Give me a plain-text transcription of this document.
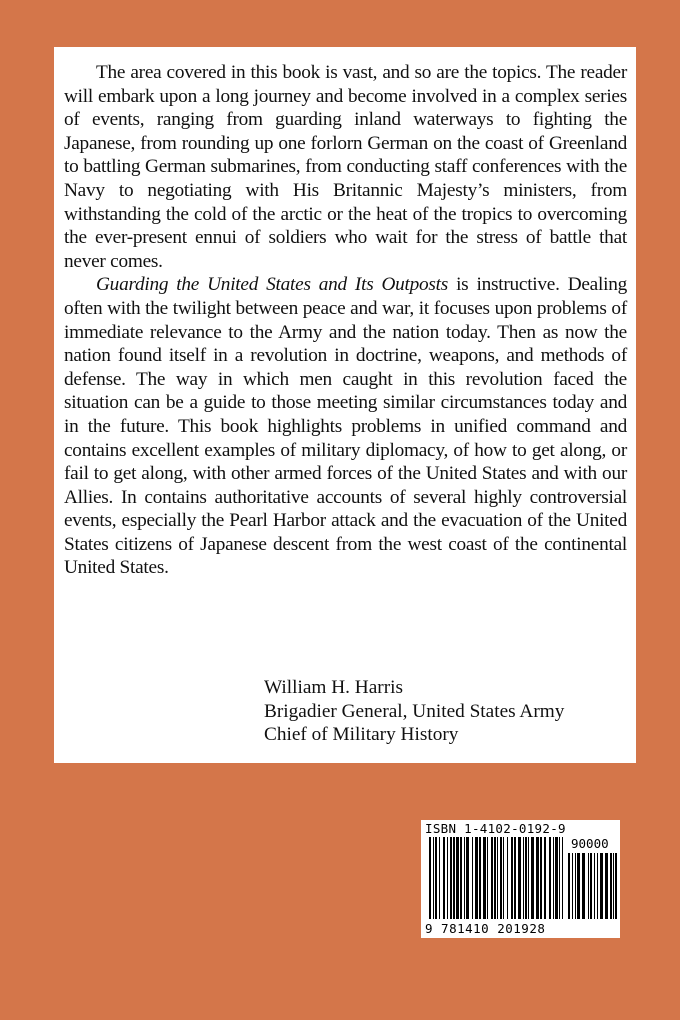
The area covered in this book is vast, and so are the topics. The reader will embark upon a long journey and become involved in a complex series of events, ranging from guarding inland waterways to fighting the Japanese, from rounding up one forlorn German on the coast of Greenland to battling German submarines, from conducting staff conferences with the Navy to negotiating with His Britannic Majesty’s ministers, from withstanding the cold of the arctic or the heat of the tropics to overcoming the ever-present ennui of soldiers who wait for the stress of battle that never comes.

Guarding the United States and Its Outposts is instructive. Dealing often with the twilight between peace and war, it focuses upon problems of immediate relevance to the Army and the nation today. Then as now the nation found itself in a revolution in doctrine, weapons, and methods of defense. The way in which men caught in this revolution faced the situation can be a guide to those meeting similar circumstances today and in the future. This book highlights problems in unified command and contains excellent examples of military diplomacy, of how to get along, or fail to get along, with other armed forces of the United States and with our Allies. In contains authoritative accounts of several highly controversial events, especially the Pearl Harbor attack and the evacuation of the United States citizens of Japanese descent from the west coast of the continental United States.

William H. Harris
Brigadier General, United States Army
Chief of Military History
ISBN 1-4102-0192-9
90000
9 781410 201928
